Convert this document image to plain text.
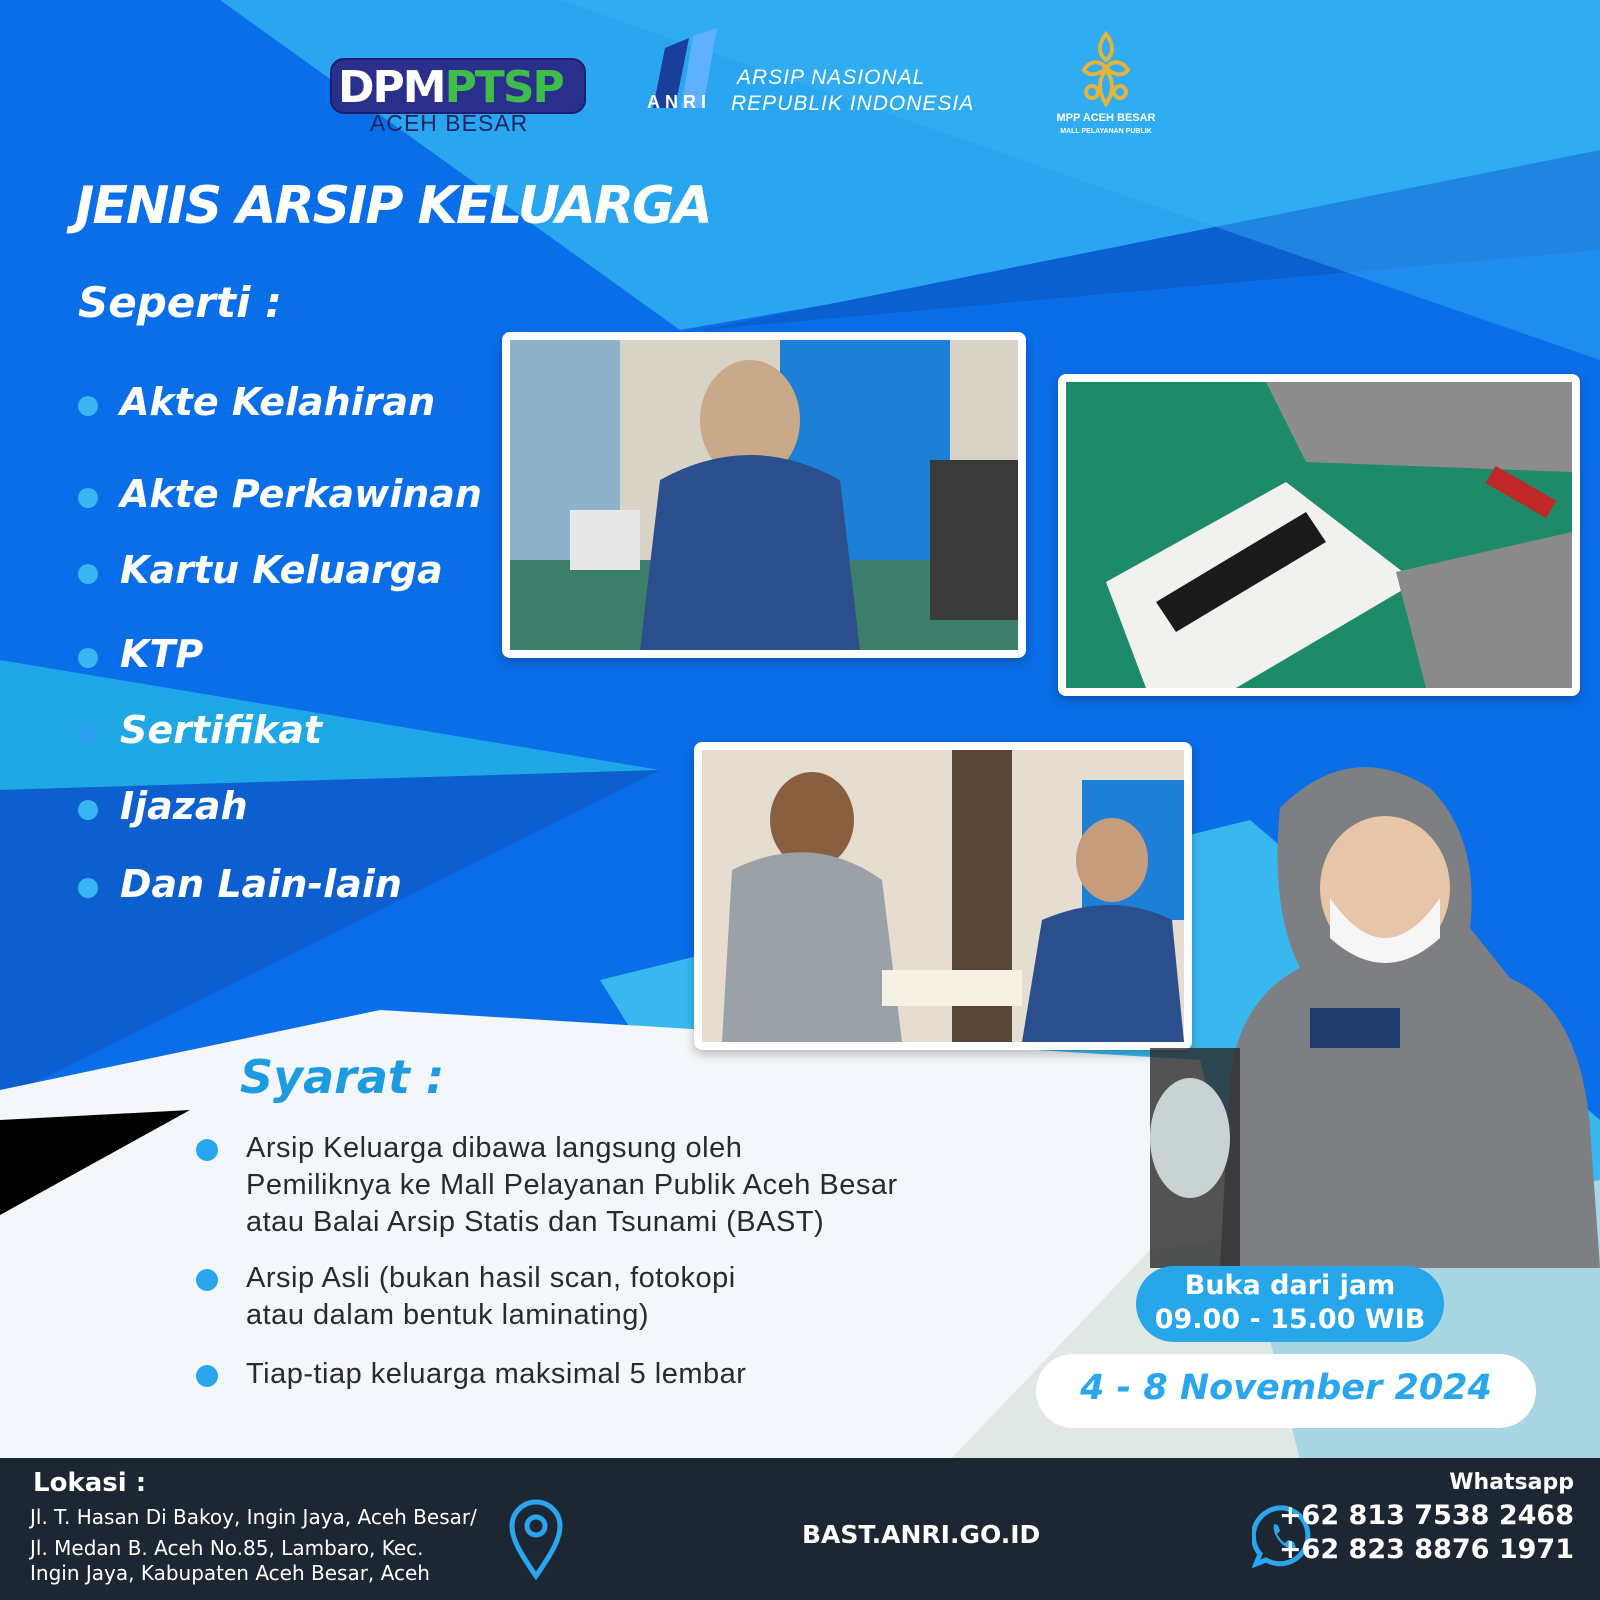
DPMPTSP
ACEH BESAR
ANRI
ARSIP NASIONAL
REPUBLIK INDONESIA
MPP ACEH BESAR
MALL PELAYANAN PUBLIK
JENIS ARSIP KELUARGA
Seperti :
Akte Kelahiran
Akte Perkawinan
Kartu Keluarga
KTP
Sertifikat
Ijazah
Dan Lain-lain
Syarat :
Arsip Keluarga dibawa langsung oleh
Pemiliknya ke Mall Pelayanan Publik Aceh Besar
atau Balai Arsip Statis dan Tsunami (BAST)
Arsip Asli (bukan hasil scan, fotokopi
atau dalam bentuk laminating)
Tiap-tiap keluarga maksimal 5 lembar
Buka dari jam
09.00 - 15.00 WIB
4 - 8 November 2024
Lokasi :
Jl. T. Hasan Di Bakoy, Ingin Jaya, Aceh Besar/
Jl. Medan B. Aceh No.85, Lambaro, Kec.
Ingin Jaya, Kabupaten Aceh Besar, Aceh
BAST.ANRI.GO.ID
Whatsapp
+62 813 7538 2468
+62 823 8876 1971
